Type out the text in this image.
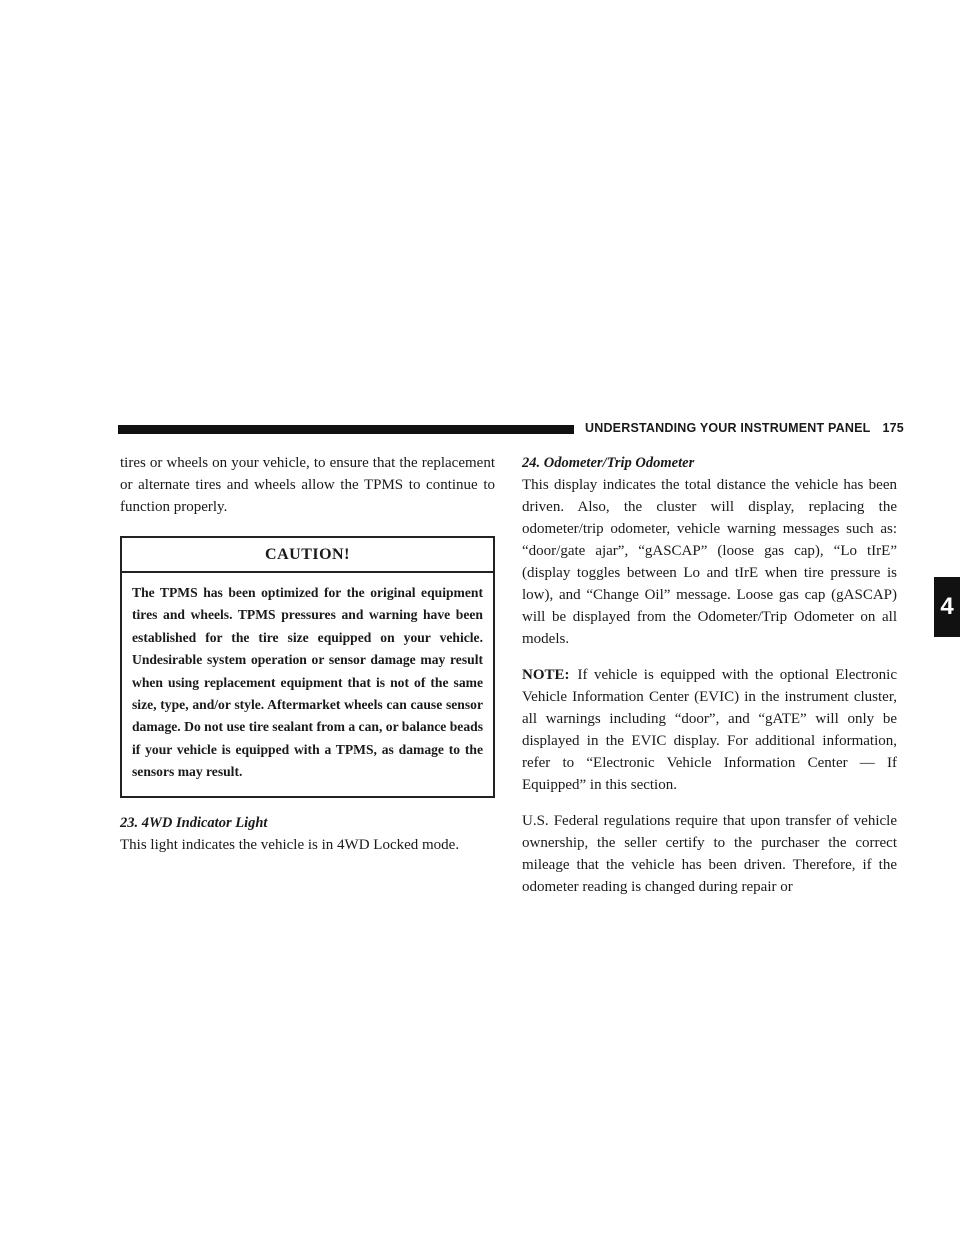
UNDERSTANDING YOUR INSTRUMENT PANEL 175
4

tires or wheels on your vehicle, to ensure that the replacement or alternate tires and wheels allow the TPMS to continue to function properly.

CAUTION!
The TPMS has been optimized for the original equipment tires and wheels. TPMS pressures and warning have been established for the tire size equipped on your vehicle. Undesirable system operation or sensor damage may result when using replacement equipment that is not of the same size, type, and/or style. Aftermarket wheels can cause sensor damage. Do not use tire sealant from a can, or balance beads if your vehicle is equipped with a TPMS, as damage to the sensors may result.

23. 4WD Indicator Light

This light indicates the vehicle is in 4WD Locked mode.

24. Odometer/Trip Odometer

This display indicates the total distance the vehicle has been driven. Also, the cluster will display, replacing the odometer/trip odometer, vehicle warning messages such as: “door/gate ajar”, “gASCAP” (loose gas cap), “Lo tIrE” (display toggles between Lo and tIrE when tire pressure is low), and “Change Oil” message. Loose gas cap (gASCAP) will be displayed from the Odometer/Trip Odometer on all models.

NOTE: If vehicle is equipped with the optional Electronic Vehicle Information Center (EVIC) in the instrument cluster, all warnings including “door”, and “gATE” will only be displayed in the EVIC display. For additional information, refer to “Electronic Vehicle Information Center — If Equipped” in this section.

U.S. Federal regulations require that upon transfer of vehicle ownership, the seller certify to the purchaser the correct mileage that the vehicle has been driven. Therefore, if the odometer reading is changed during repair or
